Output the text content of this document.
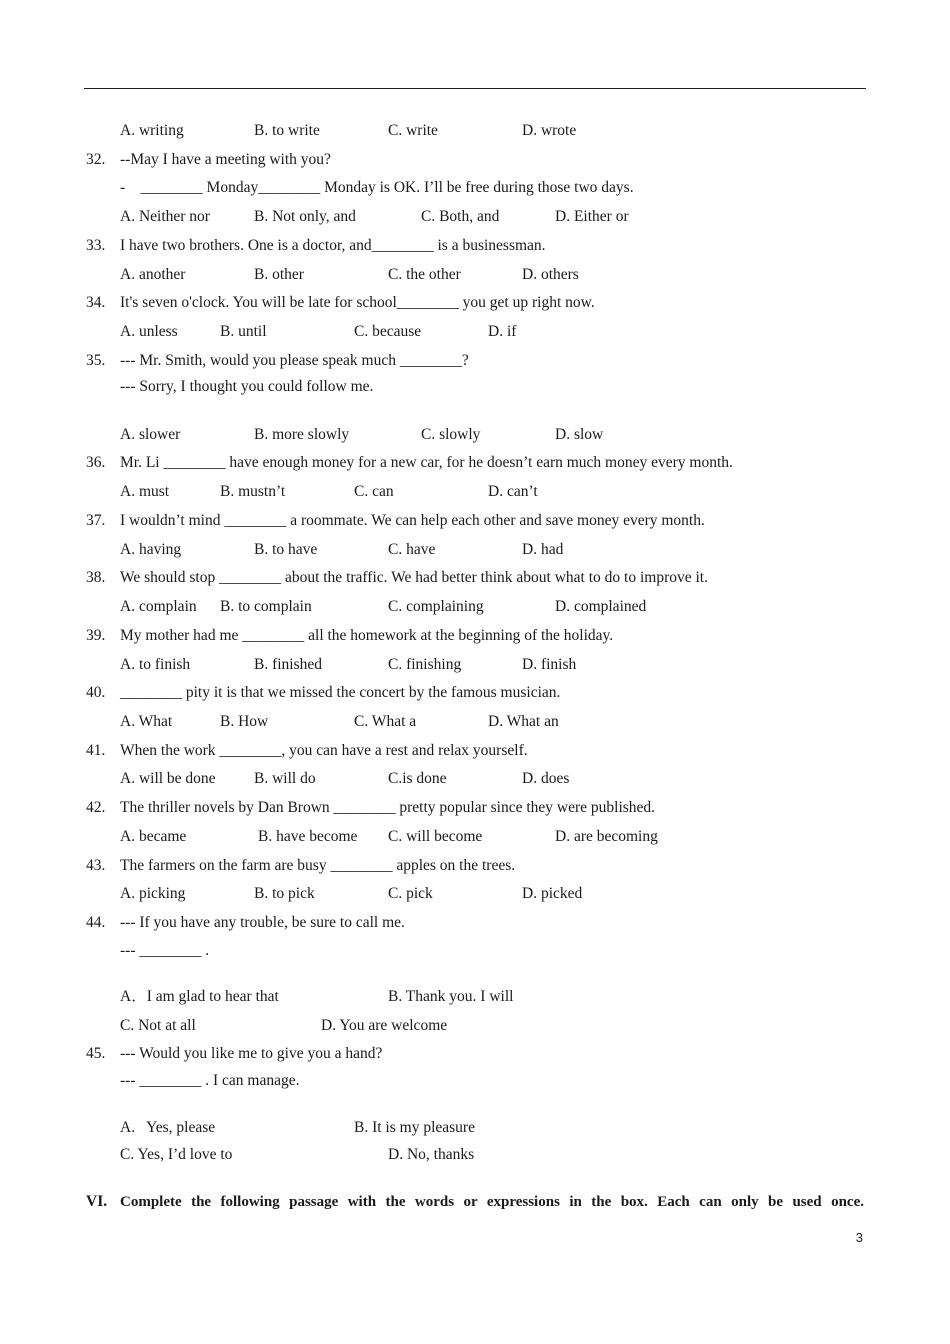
A. writing	B. to write	C. write	D. wrote
32. --May I have a meeting with you?
-    ________ Monday________ Monday is OK. I’ll be free during those two days.
A. Neither nor	B. Not only, and	C. Both, and	D. Either or
33. I have two brothers. One is a doctor, and________ is a businessman.
A. another	B. other	C. the other	D. others
34. It's seven o'clock. You will be late for school________ you get up right now.
A. unless	B. until	C. because	D. if
35. --- Mr. Smith, would you please speak much ________?
--- Sorry, I thought you could follow me.
A. slower	B. more slowly	C. slowly	D. slow
36. Mr. Li ________ have enough money for a new car, for he doesn’t earn much money every month.
A. must	B. mustn’t	C. can	D. can’t
37. I wouldn’t mind ________ a roommate. We can help each other and save money every month.
A. having	B. to have	C. have	D. had
38. We should stop ________ about the traffic. We had better think about what to do to improve it.
A. complain B. to complain	C. complaining	D. complained
39. My mother had me ________ all the homework at the beginning of the holiday.
A. to finish	B. finished	C. finishing	D. finish
40. ________ pity it is that we missed the concert by the famous musician.
A. What	B. How	C. What a	D. What an
41. When the work ________, you can have a rest and relax yourself.
A. will be done B. will do	C.is done	D. does
42. The thriller novels by Dan Brown ________ pretty popular since they were published.
A. became	B. have become C. will become	D. are becoming
43. The farmers on the farm are busy ________ apples on the trees.
A. picking	B. to pick	C. pick	D. picked
44. --- If you have any trouble, be sure to call me.
--- ________ .
A．I am glad to hear that	B. Thank you. I will
C. Not at all	D. You are welcome
45. --- Would you like me to give you a hand?
--- ________ . I can manage.
A.   Yes, please	B. It is my pleasure
C. Yes, I’d love to	D. No, thanks
VI. Complete the following passage with the words or expressions in the box. Each can only be used once.
3
